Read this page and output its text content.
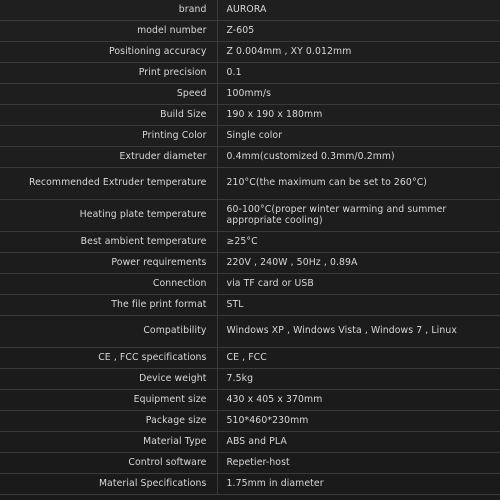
brand	AURORA
model number	Z-605
Positioning accuracy	Z 0.004mm , XY 0.012mm
Print precision	0.1
Speed	100mm/s
Build Size	190 x 190 x 180mm
Printing Color	Single color
Extruder diameter	0.4mm(customized 0.3mm/0.2mm)
Recommended Extruder temperature	210°C(the maximum can be set to 260°C)
Heating plate temperature	60-100°C(proper winter warming and summer appropriate cooling)
Best ambient temperature	≥25°C
Power requirements	220V , 240W , 50Hz , 0.89A
Connection	via TF card or USB
The file print format	STL
Compatibility	Windows XP , Windows Vista , Windows 7 , Linux
CE , FCC specifications	CE , FCC
Device weight	7.5kg
Equipment size	430 x 405 x 370mm
Package size	510*460*230mm
Material Type	ABS and PLA
Control software	Repetier-host
Material Specifications	1.75mm in diameter
